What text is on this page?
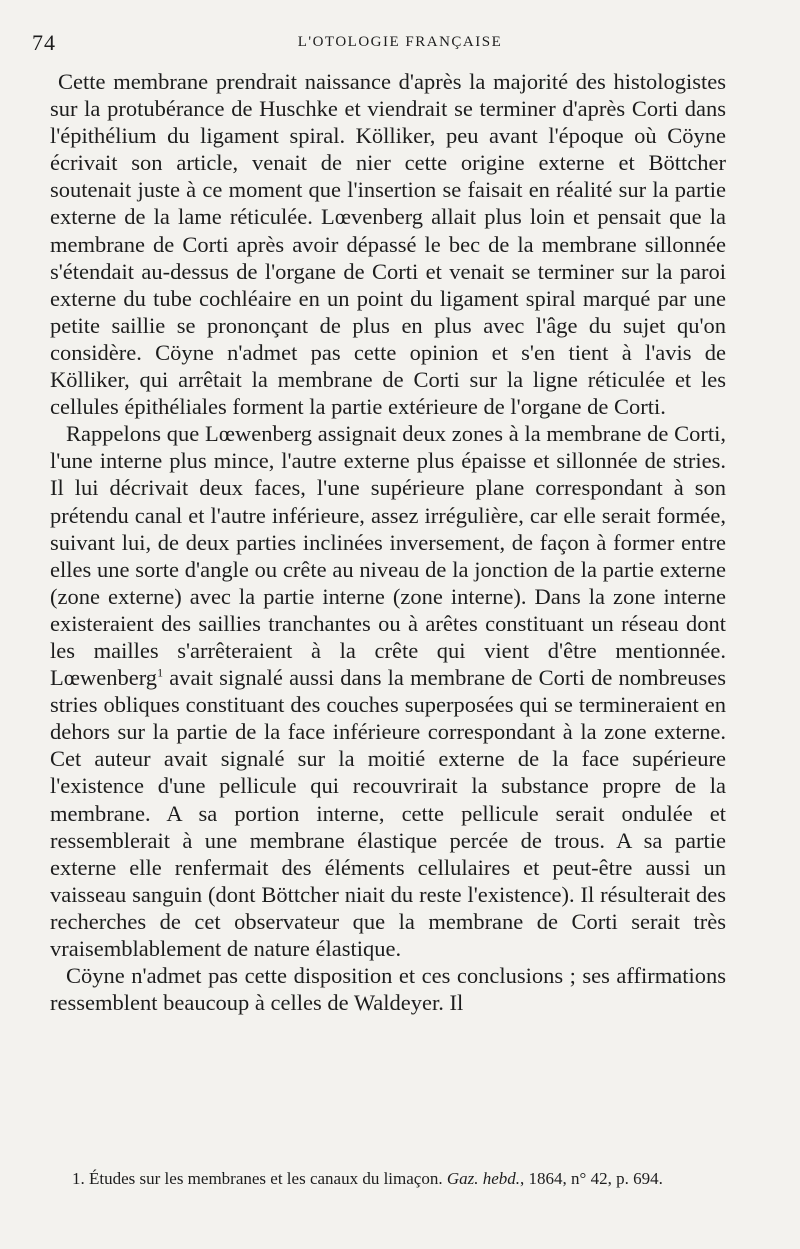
74	L'OTOLOGIE FRANÇAISE

Cette membrane prendrait naissance d'après la majorité des histologistes sur la protubérance de Huschke et viendrait se terminer d'après Corti dans l'épithélium du ligament spiral. Kölliker, peu avant l'époque où Cöyne écrivait son article, venait de nier cette origine externe et Böttcher soutenait juste à ce moment que l'insertion se faisait en réalité sur la partie externe de la lame réticulée. Lœvenberg allait plus loin et pensait que la membrane de Corti après avoir dépassé le bec de la membrane sillonnée s'étendait au-dessus de l'organe de Corti et venait se terminer sur la paroi externe du tube cochléaire en un point du ligament spiral marqué par une petite saillie se prononçant de plus en plus avec l'âge du sujet qu'on considère. Cöyne n'admet pas cette opinion et s'en tient à l'avis de Kölliker, qui arrêtait la membrane de Corti sur la ligne réticulée et les cellules épithéliales forment la partie extérieure de l'organe de Corti.

Rappelons que Lœwenberg assignait deux zones à la membrane de Corti, l'une interne plus mince, l'autre externe plus épaisse et sillonnée de stries. Il lui décrivait deux faces, l'une supérieure plane correspondant à son prétendu canal et l'autre inférieure, assez irrégulière, car elle serait formée, suivant lui, de deux parties inclinées inversement, de façon à former entre elles une sorte d'angle ou crête au niveau de la jonction de la partie externe (zone externe) avec la partie interne (zone interne). Dans la zone interne existeraient des saillies tranchantes ou à arêtes constituant un réseau dont les mailles s'arrêteraient à la crête qui vient d'être mentionnée. Lœwenberg$^1$ avait signalé aussi dans la membrane de Corti de nombreuses stries obliques constituant des couches superposées qui se termineraient en dehors sur la partie de la face inférieure correspondant à la zone externe. Cet auteur avait signalé sur la moitié externe de la face supérieure l'existence d'une pellicule qui recouvrirait la substance propre de la membrane. A sa portion interne, cette pellicule serait ondulée et ressemblerait à une membrane élastique percée de trous. A sa partie externe elle renfermait des éléments cellulaires et peut-être aussi un vaisseau sanguin (dont Böttcher niait du reste l'existence). Il résulterait des recherches de cet observateur que la membrane de Corti serait très vraisemblablement de nature élastique.

Cöyne n'admet pas cette disposition et ces conclusions ; ses affirmations ressemblent beaucoup à celles de Waldeyer. Il

1. Études sur les membranes et les canaux du limaçon. Gaz. hebd., 1864, n° 42, p. 694.
